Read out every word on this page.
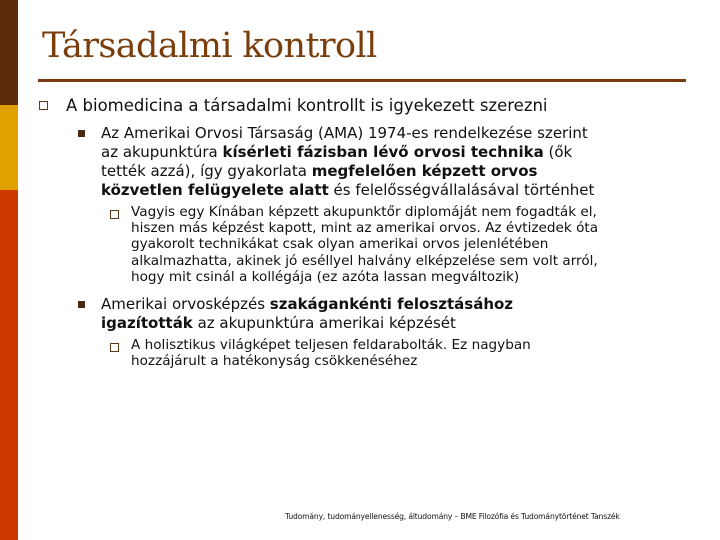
Társadalmi kontroll
A biomedicina a társadalmi kontrollt is igyekezett szerezni
Az Amerikai Orvosi Társaság (AMA) 1974-es rendelkezése szerint
az akupunktúra kísérleti fázisban lévő orvosi technika (ők
tették azzá), így gyakorlata megfelelően képzett orvos
közvetlen felügyelete alatt és felelősségvállalásával történhet
Vagyis egy Kínában képzett akupunktőr diplomáját nem fogadták el,
hiszen más képzést kapott, mint az amerikai orvos. Az évtizedek óta
gyakorolt technikákat csak olyan amerikai orvos jelenlétében
alkalmazhatta, akinek jó eséllyel halvány elképzelése sem volt arról,
hogy mit csinál a kollégája (ez azóta lassan megváltozik)
Amerikai orvosképzés szakágankénti felosztásához
igazították az akupunktúra amerikai képzését
A holisztikus világképet teljesen feldarabolták. Ez nagyban
hozzájárult a hatékonyság csökkenéséhez
Tudomány, tudományellenesség, áltudomány – BME Filozófia és Tudománytörténet Tanszék
